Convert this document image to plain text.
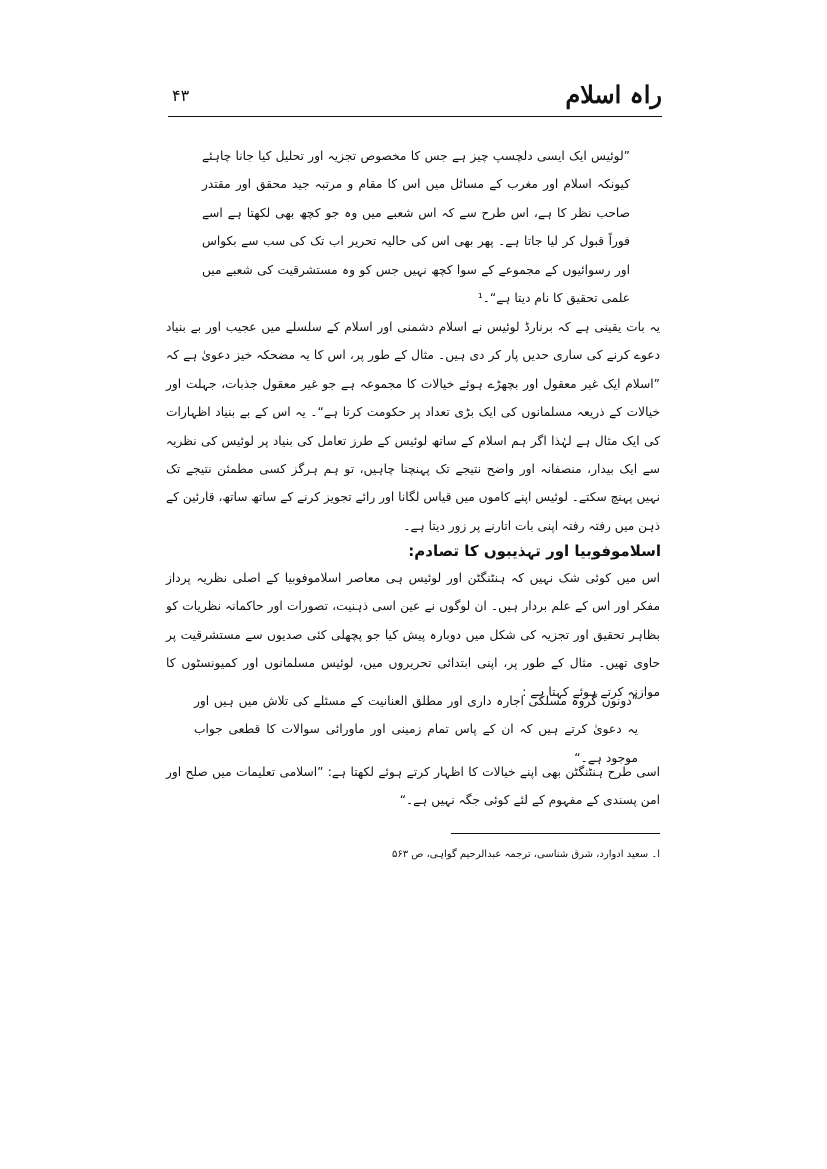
راہ اسلام
۴۳
”لوئیس ایک ایسی دلچسپ چیز ہے جس کا مخصوص تجزیہ اور تحلیل کیا جانا چاہئے کیونکہ اسلام اور مغرب کے مسائل میں اس کا مقام و مرتبہ جید محقق اور مقتدر صاحب نظر کا ہے، اس طرح سے کہ اس شعبے میں وہ جو کچھ بھی لکھتا ہے اسے فوراً قبول کر لیا جاتا ہے۔ پھر بھی اس کی حالیہ تحریر اب تک کی سب سے بکواس اور رسوائیوں کے مجموعے کے سوا کچھ نہیں جس کو وہ مستشرقیت کی شعبے میں علمی تحقیق کا نام دیتا ہے“۔¹
یہ بات یقینی ہے کہ برنارڈ لوئیس نے اسلام دشمنی اور اسلام کے سلسلے میں عجیب اور بے بنیاد دعوے کرنے کی ساری حدیں پار کر دی ہیں۔ مثال کے طور پر، اس کا یہ مضحکہ خیز دعویٰ ہے کہ ”اسلام ایک غیر معقول اور بچھڑے ہوئے خیالات کا مجموعہ ہے جو غیر معقول جذبات، جہلت اور خیالات کے ذریعہ مسلمانوں کی ایک بڑی تعداد پر حکومت کرتا ہے“۔ یہ اس کے بے بنیاد اظہارات کی ایک مثال ہے لہٰذا اگر ہم اسلام کے ساتھ لوئیس کے طرز تعامل کی بنیاد پر لوئیس کی نظریہ سے ایک بیدار، منصفانہ اور واضح نتیجے تک پہنچنا چاہیں، تو ہم ہرگز کسی مطمئن نتیجے تک نہیں پہنچ سکتے۔ لوئیس اپنے کاموں میں قیاس لگانا اور رائے تجویز کرنے کے ساتھ ساتھ، قارئین کے ذہن میں رفتہ رفتہ اپنی بات اتارنے پر زور دیتا ہے۔
اسلاموفوبیا اور تہذیبوں کا تصادم:
اس میں کوئی شک نہیں کہ ہنٹنگٹن اور لوئیس ہی معاصر اسلاموفوبیا کے اصلی نظریہ پرداز مفکر اور اس کے علم بردار ہیں۔ ان لوگوں نے عین اسی ذہنیت، تصورات اور حاکمانہ نظریات کو بظاہر تحقیق اور تجزیہ کی شکل میں دوبارہ پیش کیا جو پچھلی کئی صدیوں سے مستشرقیت پر حاوی تھیں۔ مثال کے طور پر، اپنی ابتدائی تحریروں میں، لوئیس مسلمانوں اور کمیونسٹوں کا موازنہ کرتے ہوئے کہتا ہے :
”دونوں گروہ مسلکی اجارہ داری اور مطلق العنانیت کے مسئلے کی تلاش میں ہیں اور یہ دعویٰ کرتے ہیں کہ ان کے پاس تمام زمینی اور ماورائی سوالات کا قطعی جواب موجود ہے۔“
اسی طرح ہنٹنگٹن بھی اپنے خیالات کا اظہار کرتے ہوئے لکھتا ہے: ”اسلامی تعلیمات میں صلح اور امن پسندی کے مفہوم کے لئے کوئی جگہ نہیں ہے۔“
ا۔ سعید ادوارد، شرق شناسی، ترجمہ عبدالرحیم گواہی، ص ۵۶۳
